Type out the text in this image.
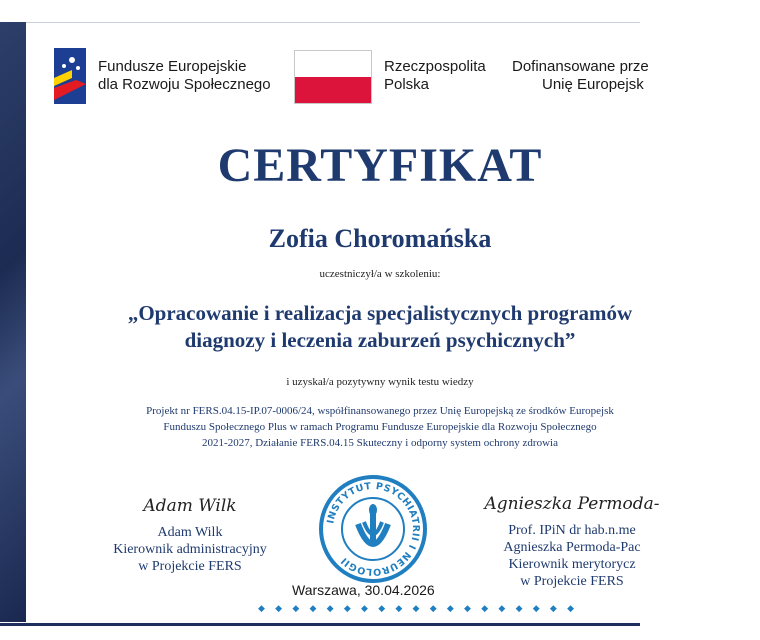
Fundusze Europejskie
dla Rozwoju Społecznego
Rzeczpospolita
Polska
Dofinansowane prze
Unię Europejsk
CERTYFIKAT
Zofia Choromańska
uczestniczył/a w szkoleniu:
„Opracowanie i realizacja specjalistycznych programów
diagnozy i leczenia zaburzeń psychicznych”
i uzyskał/a pozytywny wynik testu wiedzy
Projekt nr FERS.04.15-IP.07-0006/24, współfinansowanego przez Unię Europejską ze środków Europejsk
Funduszu Społecznego Plus w ramach Programu Fundusze Europejskie dla Rozwoju Społecznego
2021-2027, Działanie FERS.04.15 Skuteczny i odporny system ochrony zdrowia
Adam Wilk
Adam Wilk
Kierownik administracyjny
w Projekcie FERS
INSTYTUT PSYCHIATRII I NEUROLOGII
Agnieszka Permoda-
Prof. IPiN dr hab.n.me
Agnieszka Permoda-Pac
Kierownik merytorycz
w Projekcie FERS
Warszawa, 30.04.2026
◆ ◆ ◆ ◆ ◆ ◆ ◆ ◆ ◆ ◆ ◆ ◆ ◆ ◆ ◆ ◆ ◆ ◆ ◆
